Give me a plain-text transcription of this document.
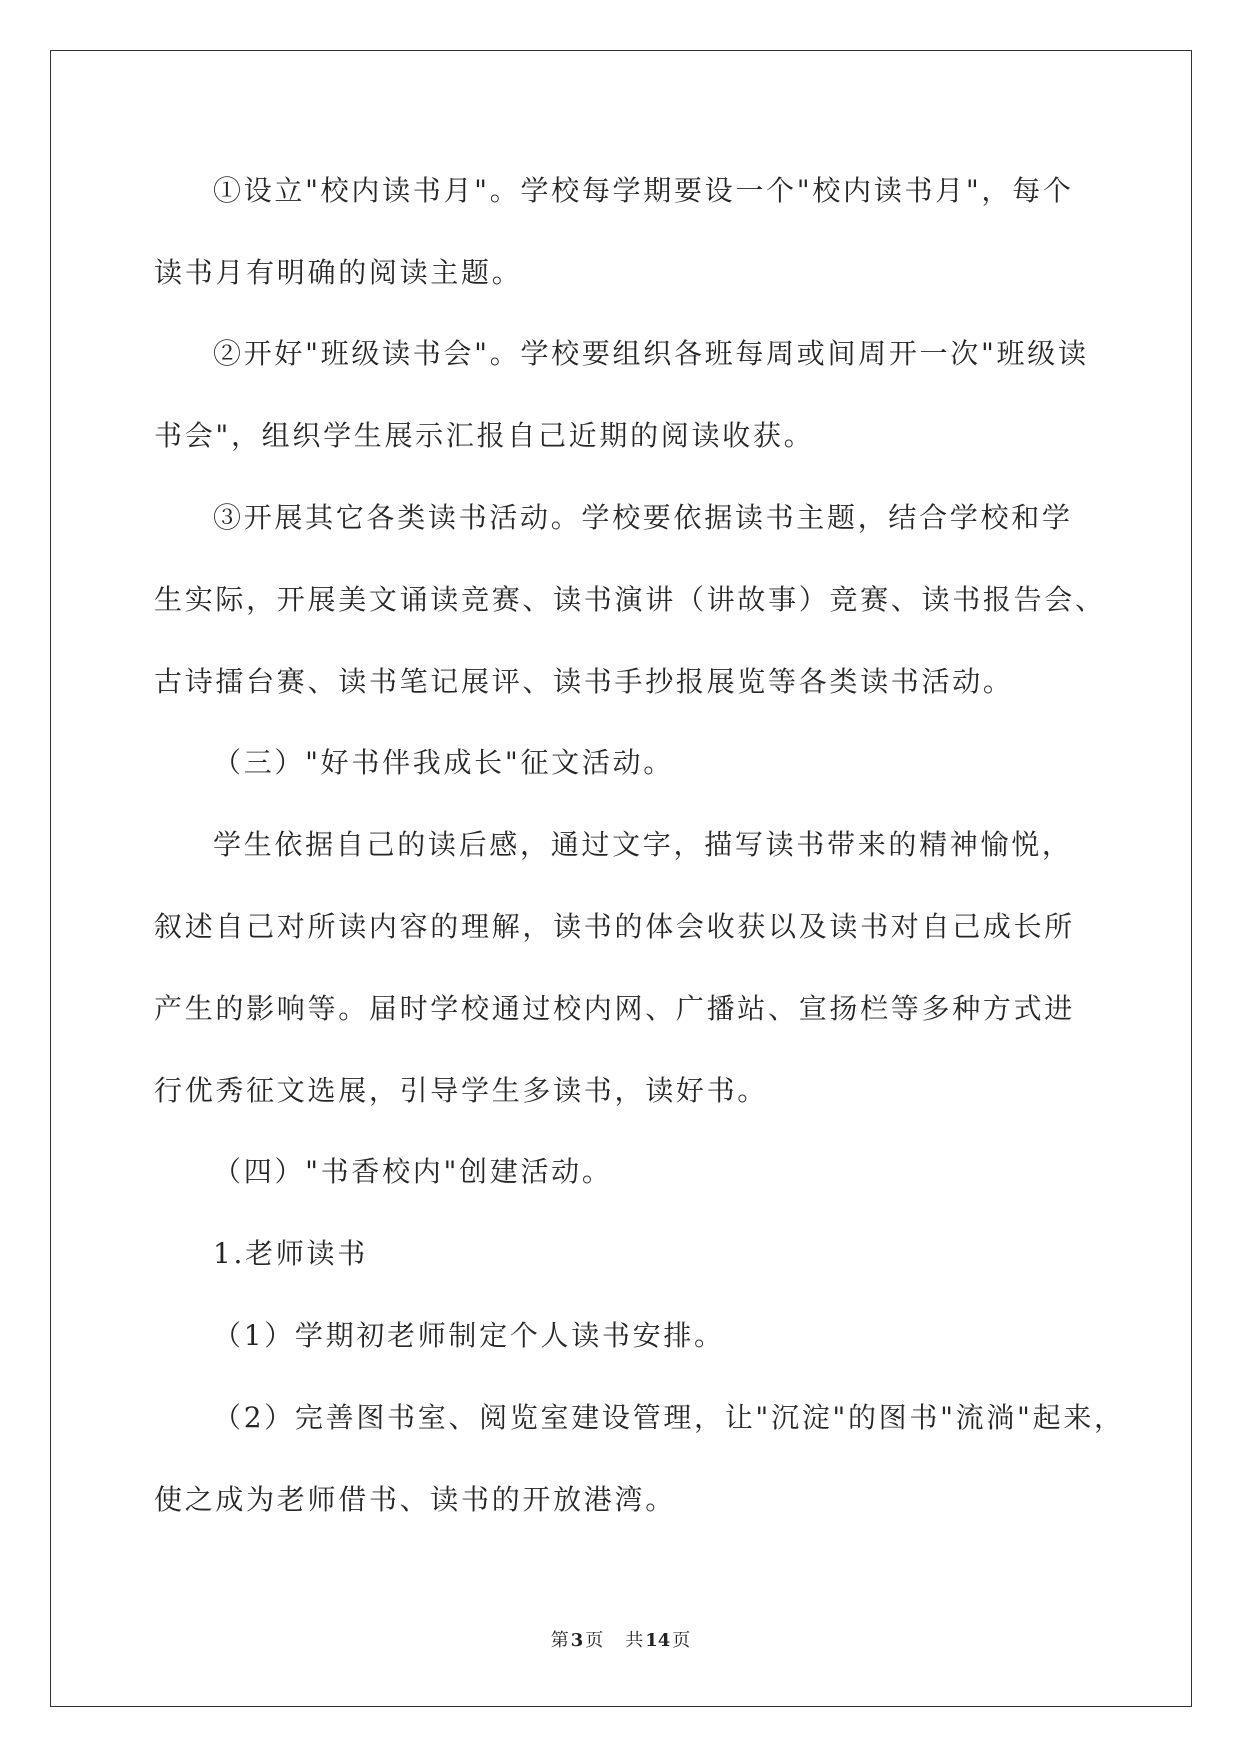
①设立"校内读书月"。学校每学期要设一个"校内读书月"，每个
读书月有明确的阅读主题。
②开好"班级读书会"。学校要组织各班每周或间周开一次"班级读
书会"，组织学生展示汇报自己近期的阅读收获。
③开展其它各类读书活动。学校要依据读书主题，结合学校和学
生实际，开展美文诵读竞赛、读书演讲（讲故事）竞赛、读书报告会、
古诗擂台赛、读书笔记展评、读书手抄报展览等各类读书活动。
（三）"好书伴我成长"征文活动。
学生依据自己的读后感，通过文字，描写读书带来的精神愉悦，
叙述自己对所读内容的理解，读书的体会收获以及读书对自己成长所
产生的影响等。届时学校通过校内网、广播站、宣扬栏等多种方式进
行优秀征文选展，引导学生多读书，读好书。
（四）"书香校内"创建活动。
1.老师读书
（1）学期初老师制定个人读书安排。
（2）完善图书室、阅览室建设管理，让"沉淀"的图书"流淌"起来，
使之成为老师借书、读书的开放港湾。
第 3 页 共 14 页
